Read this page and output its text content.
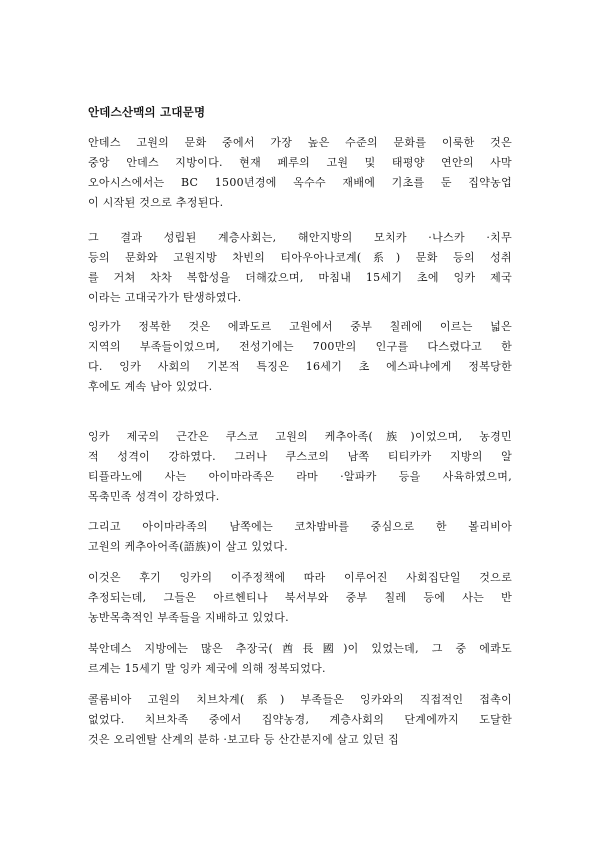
안데스산맥의 고대문명
안데스 고원의 문화 중에서 가장 높은 수준의 문화를 이룩한 것은
중앙 안데스 지방이다. 현재 페루의 고원 및 태평양 연안의 사막
오아시스에서는 BC 1500년경에 옥수수 재배에 기초를 둔 집약농업
이 시작된 것으로 추정된다.
그 결과 성립된 계층사회는, 해안지방의 모치카 ·나스카 ·치무
등의 문화와 고원지방 차빈의 티아우아나코계(系) 문화 등의 성취
를 거쳐 차차 복합성을 더해갔으며, 마침내 15세기 초에 잉카 제국
이라는 고대국가가 탄생하였다.
잉카가 정복한 것은 에콰도르 고원에서 중부 칠레에 이르는 넓은
지역의 부족들이었으며, 전성기에는 700만의 인구를 다스렸다고 한
다. 잉카 사회의 기본적 특징은 16세기 초 에스파냐에게 정복당한
후에도 계속 남아 있었다.
잉카 제국의 근간은 쿠스코 고원의 케추아족(族)이었으며, 농경민
적 성격이 강하였다. 그러나 쿠스코의 남쪽 티티카카 지방의 알
티플라노에 사는 아이마라족은 라마 ·알파카 등을 사육하였으며,
목축민족 성격이 강하였다.
그리고 아이마라족의 남쪽에는 코차밤바를 중심으로 한 볼리비아
고원의 케추아어족(語族)이 살고 있었다.
이것은 후기 잉카의 이주정책에 따라 이루어진 사회집단일 것으로
추정되는데, 그들은 아르헨티나 북서부와 중부 칠레 등에 사는 반
농반목축적인 부족들을 지배하고 있었다.
북안데스 지방에는 많은 추장국(酋長國)이 있었는데, 그 중 에콰도
르계는 15세기 말 잉카 제국에 의해 정복되었다.
콜롬비아 고원의 치브차계(系) 부족들은 잉카와의 직접적인 접촉이
없었다. 치브차족 중에서 집약농경, 계층사회의 단계에까지 도달한
것은 오리엔탈 산계의 분하 ·보고타 등 산간분지에 살고 있던 집
